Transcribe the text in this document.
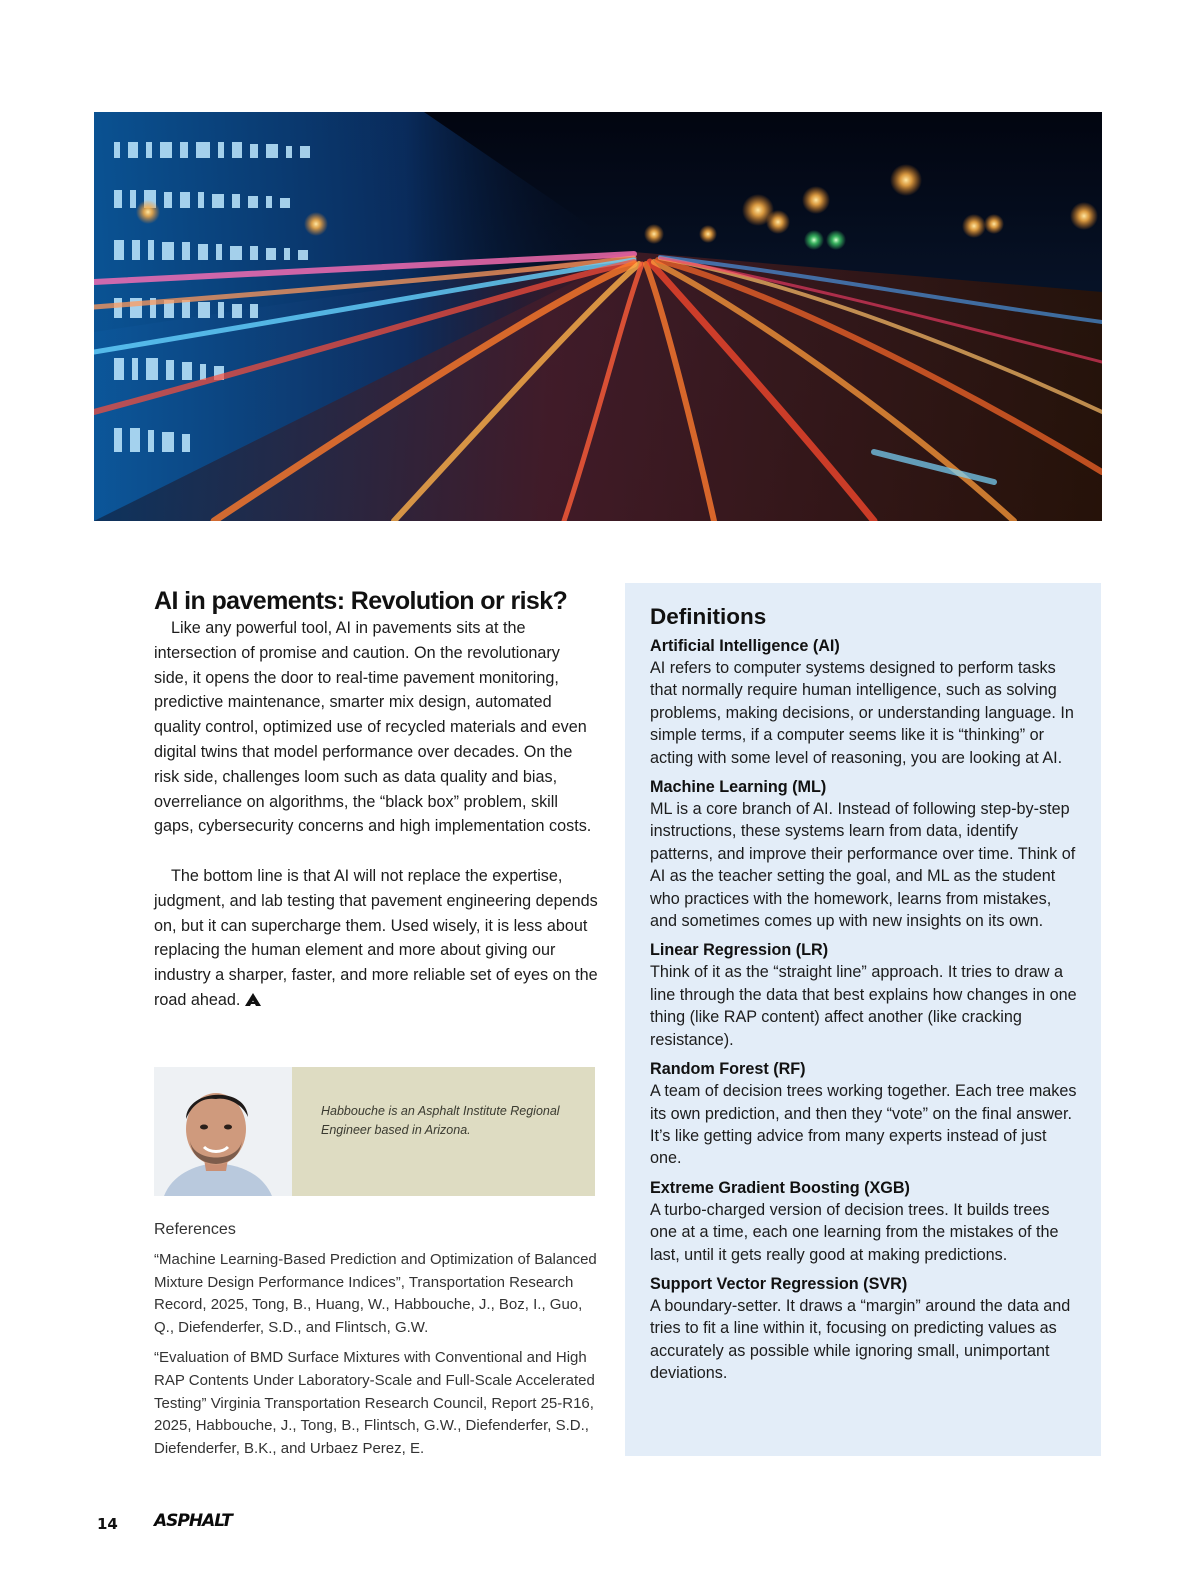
AI in pavements: Revolution or risk?

Like any powerful tool, AI in pavements sits at the intersection of promise and caution. On the revolutionary side, it opens the door to real-time pavement monitoring, predictive maintenance, smarter mix design, automated quality control, optimized use of recycled materials and even digital twins that model performance over decades. On the risk side, challenges loom such as data quality and bias, overreliance on algorithms, the “black box” problem, skill gaps, cybersecurity concerns and high implementation costs.

The bottom line is that AI will not replace the expertise, judgment, and lab testing that pavement engineering depends on, but it can supercharge them. Used wisely, it is less about replacing the human element and more about giving our industry a sharper, faster, and more reliable set of eyes on the road ahead.

Habbouche is an Asphalt Institute Regional Engineer based in Arizona.

References

“Machine Learning-Based Prediction and Optimization of Balanced Mixture Design Performance Indices”, Transportation Research Record, 2025, Tong, B., Huang, W., Habbouche, J., Boz, I., Guo, Q., Diefenderfer, S.D., and Flintsch, G.W.

“Evaluation of BMD Surface Mixtures with Conventional and High RAP Contents Under Laboratory-Scale and Full-Scale Accelerated Testing” Virginia Transportation Research Council, Report 25-R16, 2025, Habbouche, J., Tong, B., Flintsch, G.W., Diefenderfer, S.D., Diefenderfer, B.K., and Urbaez Perez, E.

Definitions

Artificial Intelligence (AI)

AI refers to computer systems designed to perform tasks that normally require human intelligence, such as solving problems, making decisions, or understanding language. In simple terms, if a computer seems like it is “thinking” or acting with some level of reasoning, you are looking at AI.

Machine Learning (ML)

ML is a core branch of AI. Instead of following step-by-step instructions, these systems learn from data, identify patterns, and improve their performance over time. Think of AI as the teacher setting the goal, and ML as the student who practices with the homework, learns from mistakes, and sometimes comes up with new insights on its own.

Linear Regression (LR)

Think of it as the “straight line” approach. It tries to draw a line through the data that best explains how changes in one thing (like RAP content) affect another (like cracking resistance).

Random Forest (RF)

A team of decision trees working together. Each tree makes its own prediction, and then they “vote” on the final answer. It’s like getting advice from many experts instead of just one.

Extreme Gradient Boosting (XGB)

A turbo-charged version of decision trees. It builds trees one at a time, each one learning from the mistakes of the last, until it gets really good at making predictions.

Support Vector Regression (SVR)

A boundary-setter. It draws a “margin” around the data and tries to fit a line within it, focusing on predicting values as accurately as possible while ignoring small, unimportant deviations.

14 ASPHALT
